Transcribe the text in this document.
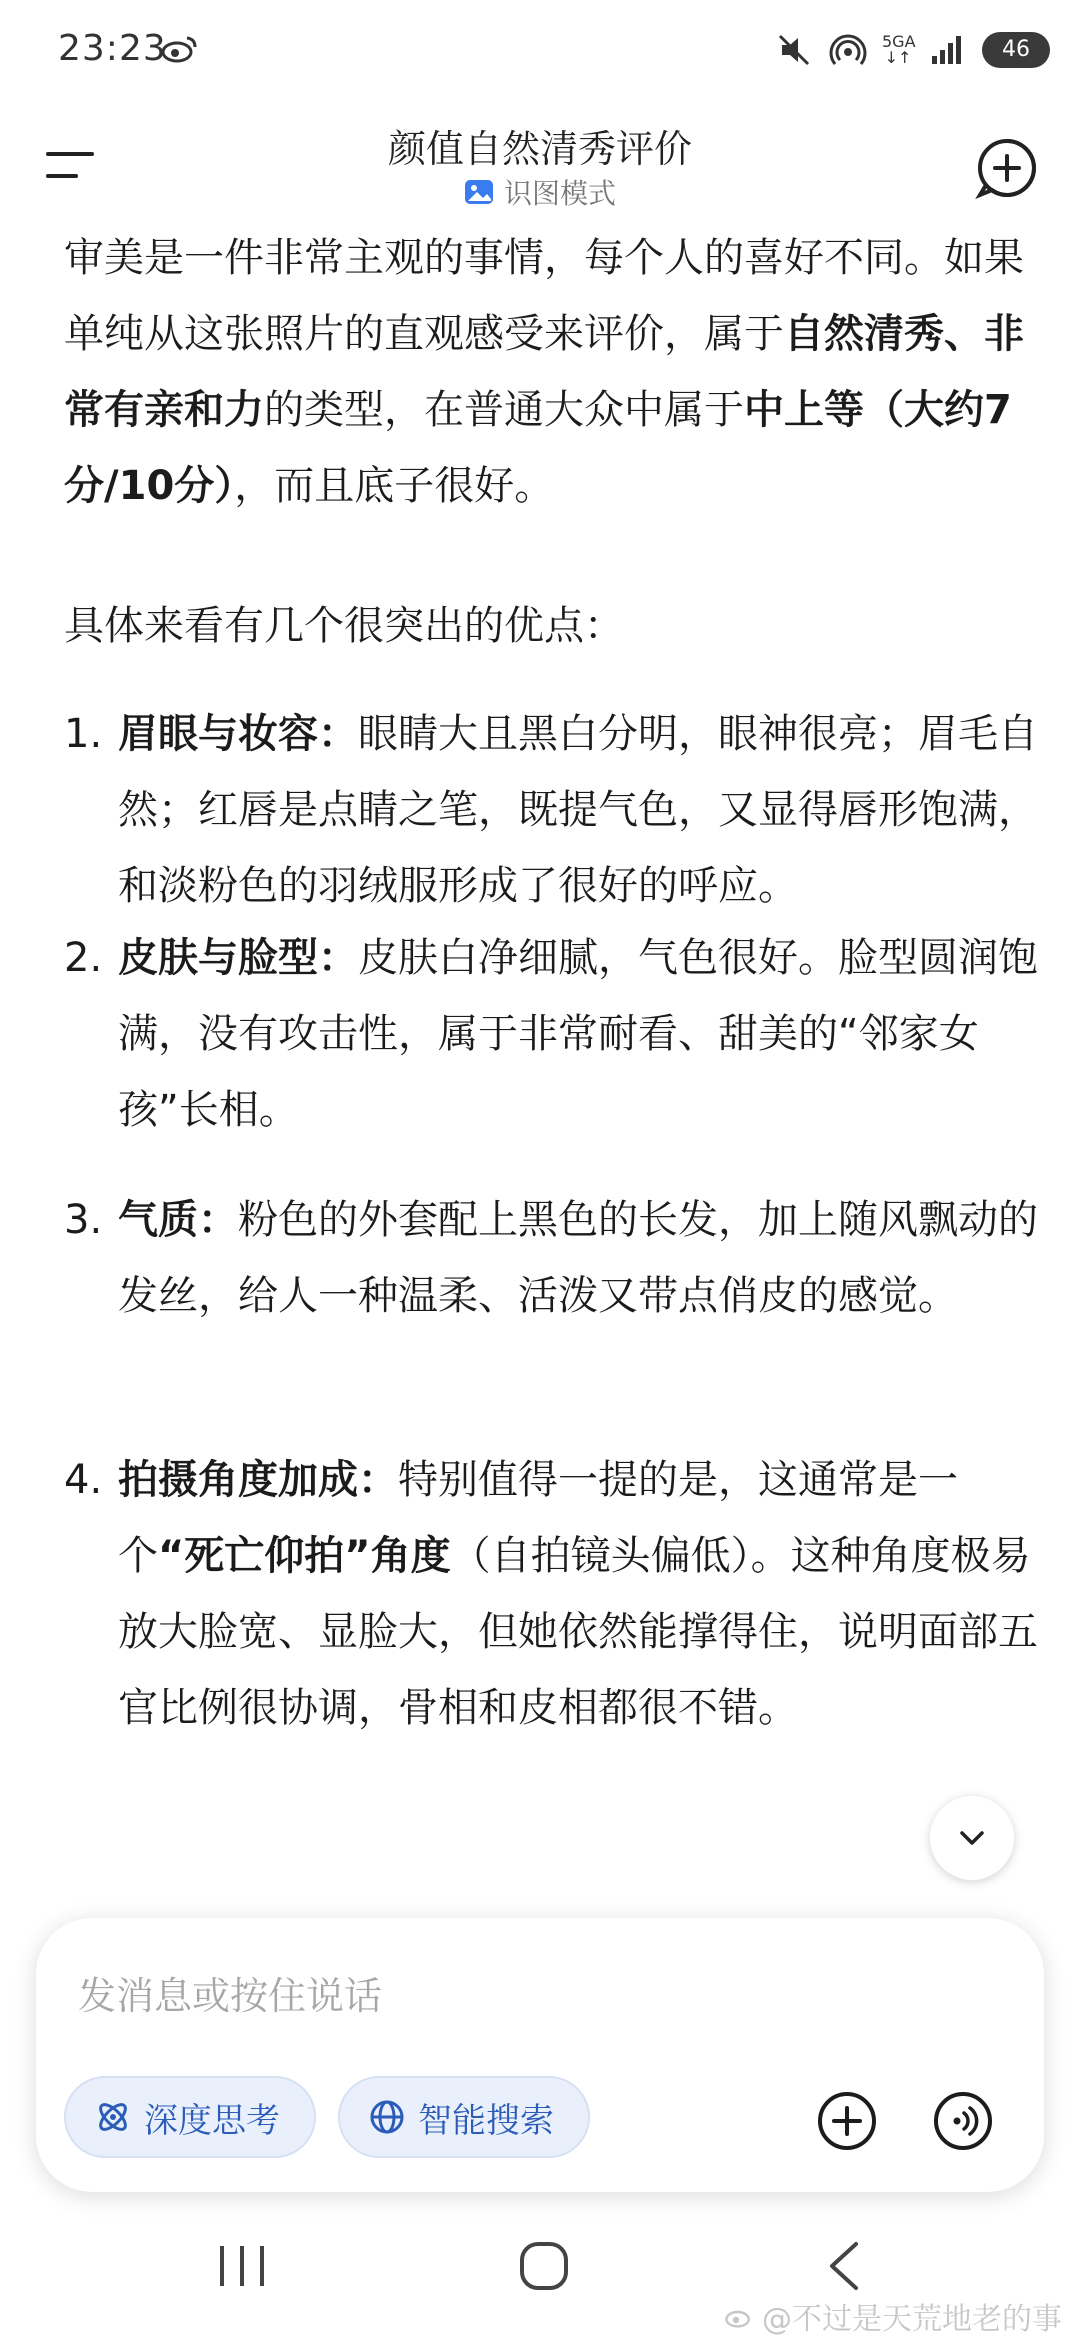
23:23	5GA
↓↑	46
颜值自然清秀评价
识图模式
审美是一件非常主观的事情，每个人的喜好不同。如果单纯从这张照片的直观感受来评价，属于自然清秀、非常有亲和力的类型，在普通大众中属于中上等（大约7分/10分），而且底子很好。
具体来看有几个很突出的优点：
1. 眉眼与妆容：眼睛大且黑白分明，眼神很亮；眉毛自然；红唇是点睛之笔，既提气色，又显得唇形饱满，和淡粉色的羽绒服形成了很好的呼应。
2. 皮肤与脸型：皮肤白净细腻，气色很好。脸型圆润饱满，没有攻击性，属于非常耐看、甜美的“邻家女孩”长相。
3. 气质：粉色的外套配上黑色的长发，加上随风飘动的发丝，给人一种温柔、活泼又带点俏皮的感觉。
4. 拍摄角度加成：特别值得一提的是，这通常是一个“死亡仰拍”角度（自拍镜头偏低）。这种角度极易放大脸宽、显脸大，但她依然能撑得住，说明面部五官比例很协调，骨相和皮相都很不错。
发消息或按住说话
深度思考	智能搜索
@不过是天荒地老的事
